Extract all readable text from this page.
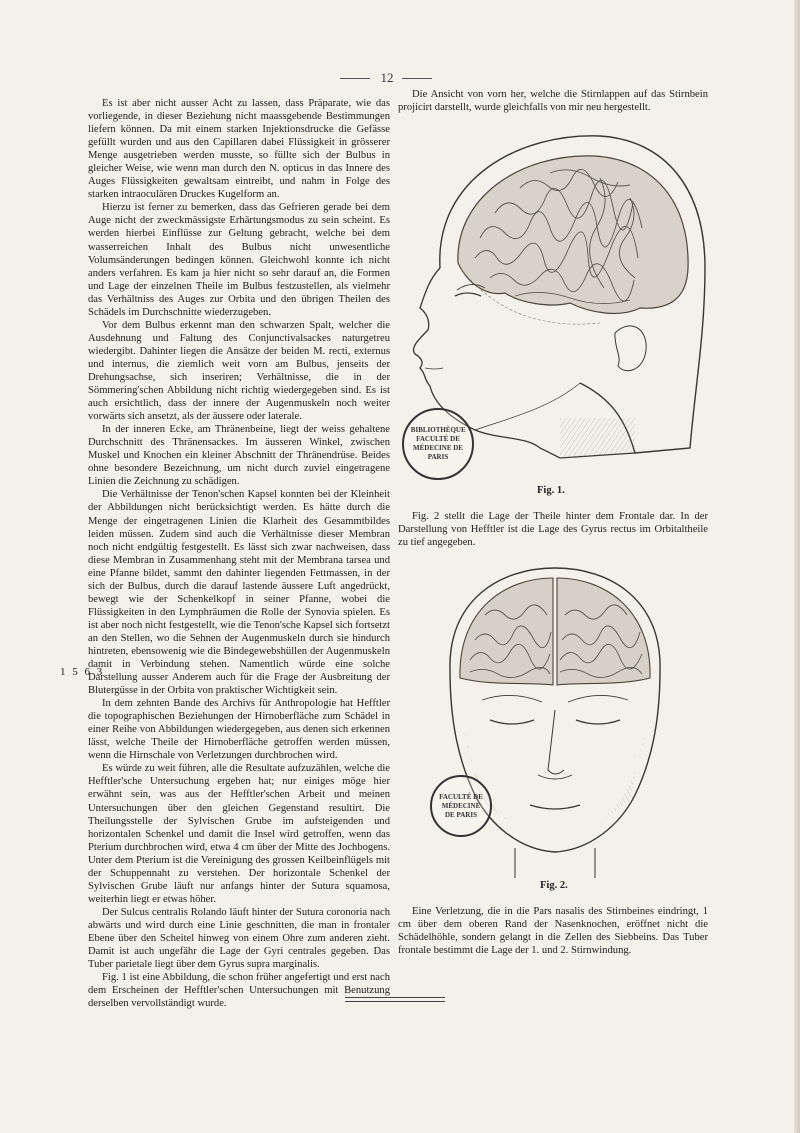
12

Es ist aber nicht ausser Acht zu lassen, dass Präparate, wie das vorliegende, in dieser Beziehung nicht maassgebende Bestimmungen liefern können. Da mit einem starken Injektionsdrucke die Gefässe gefüllt wurden und aus den Capillaren dabei Flüssigkeit in grösserer Menge ausgetrieben werden musste, so füllte sich der Bulbus in gleicher Weise, wie wenn man durch den N. opticus in das Innere des Auges Flüssigkeiten gewaltsam eintreibt, und nahm in Folge des starken intraoculären Druckes Kugelform an.

Hierzu ist ferner zu bemerken, dass das Gefrieren gerade bei dem Auge nicht der zweckmässigste Erhärtungsmodus zu sein scheint. Es werden hierbei Einflüsse zur Geltung gebracht, welche bei dem wasserreichen Inhalt des Bulbus nicht unwesentliche Volumsänderungen bedingen können. Gleichwohl konnte ich nicht anders verfahren. Es kam ja hier nicht so sehr darauf an, die Formen und Lage der einzelnen Theile im Bulbus festzustellen, als vielmehr das Verhältniss des Auges zur Orbita und den übrigen Theilen des Schädels im Durchschnitte wiederzugeben.

Vor dem Bulbus erkennt man den schwarzen Spalt, welcher die Ausdehnung und Faltung des Conjunctivalsackes naturgetreu wiedergibt. Dahinter liegen die Ansätze der beiden M. recti, externus und internus, die ziemlich weit vorn am Bulbus, jenseits der Drehungsachse, sich inseriren; Verhältnisse, die in der Sömmering'schen Abbildung nicht richtig wiedergegeben sind. Es ist auch ersichtlich, dass der innere der Augenmuskeln noch weiter vorwärts sich ansetzt, als der äussere oder laterale.

In der inneren Ecke, am Thränenbeine, liegt der weiss gehaltene Durchschnitt des Thränensackes. Im äusseren Winkel, zwischen Muskel und Knochen ein kleiner Abschnitt der Thränendrüse. Beides ohne besondere Bezeichnung, um nicht durch zuviel eingetragene Linien die Zeichnung zu schädigen.

Die Verhältnisse der Tenon'schen Kapsel konnten bei der Kleinheit der Abbildungen nicht berücksichtigt werden. Es hätte durch die Menge der eingetragenen Linien die Klarheit des Gesammtbildes leiden müssen. Zudem sind auch die Verhältnisse dieser Membran noch nicht endgültig festgestellt. Es lässt sich zwar nachweisen, dass diese Membran in Zusammenhang steht mit der Membrana tarsea und eine Pfanne bildet, sammt den dahinter liegenden Fettmassen, in der sich der Bulbus, durch die darauf lastende äussere Luft angedrückt, bewegt wie der Schenkelkopf in seiner Pfanne, wobei die Flüssigkeiten in den Lymphräumen die Rolle der Synovia spielen. Es ist aber noch nicht festgestellt, wie die Tenon'sche Kapsel sich fortsetzt an den Stellen, wo die Sehnen der Augenmuskeln durch sie hindurch hintreten, ebensowenig wie die Bindegewebshüllen der Augenmuskeln damit in Verbindung stehen. Namentlich würde eine solche Darstellung ausser Anderem auch für die Frage der Ausbreitung der Blutergüsse in der Orbita von praktischer Wichtigkeit sein.

In dem zehnten Bande des Archivs für Anthropologie hat Hefftler die topographischen Beziehungen der Hirnoberfläche zum Schädel in einer Reihe von Abbildungen wiedergegeben, aus denen sich erkennen lässt, welche Theile der Hirnoberfläche getroffen werden müssen, wenn die Hirnschale von Verletzungen durchbrochen wird.

Es würde zu weit führen, alle die Resultate aufzuzählen, welche die Hefftler'sche Untersuchung ergeben hat; nur einiges möge hier erwähnt sein, was aus der Hefftler'schen Arbeit und meinen Untersuchungen über den gleichen Gegenstand resultirt. Die Theilungsstelle der Sylvischen Grube im aufsteigenden und horizontalen Schenkel und damit die Insel wird getroffen, wenn das Pterium durchbrochen wird, etwa 4 cm über der Mitte des Jochbogens. Unter dem Pterium ist die Vereinigung des grossen Keilbeinflügels mit der Schuppennaht zu verstehen. Der horizontale Schenkel der Sylvischen Grube läuft nur anfangs hinter der Sutura squamosa, weiterhin liegt er etwas höher.

Der Sulcus centralis Rolando läuft hinter der Sutura coronoria nach abwärts und wird durch eine Linie geschnitten, die man in frontaler Ebene über den Scheitel hinweg von einem Ohre zum anderen zieht. Damit ist auch ungefähr die Lage der Gyri centrales gegeben. Das Tuber parietale liegt über dem Gyrus supra marginalis.

Fig. 1 ist eine Abbildung, die schon früher angefertigt und erst nach dem Erscheinen der Hefftler'schen Untersuchungen mit Benutzung derselben vervollständigt wurde.

1 5 6 3

Die Ansicht von vorn her, welche die Stirnlappen auf das Stirnbein projicirt darstellt, wurde gleichfalls von mir neu hergestellt.

BIBLIOTHÈQUE FACULTÉ DE MÉDECINE DE PARIS
Fig. 1.

Fig. 2 stellt die Lage der Theile hinter dem Frontale dar. In der Darstellung von Hefftler ist die Lage des Gyrus rectus im Orbitaltheile zu tief angegeben.

FACULTÉ DE MÉDECINE DE PARIS
Fig. 2.

Eine Verletzung, die in die Pars nasalis des Stirnbeines eindringt, 1 cm über dem oberen Rand der Nasenknochen, eröffnet nicht die Schädelhöhle, sondern gelangt in die Zellen des Siebbeins. Das Tuber frontale bestimmt die Lage der 1. und 2. Stirnwindung.
